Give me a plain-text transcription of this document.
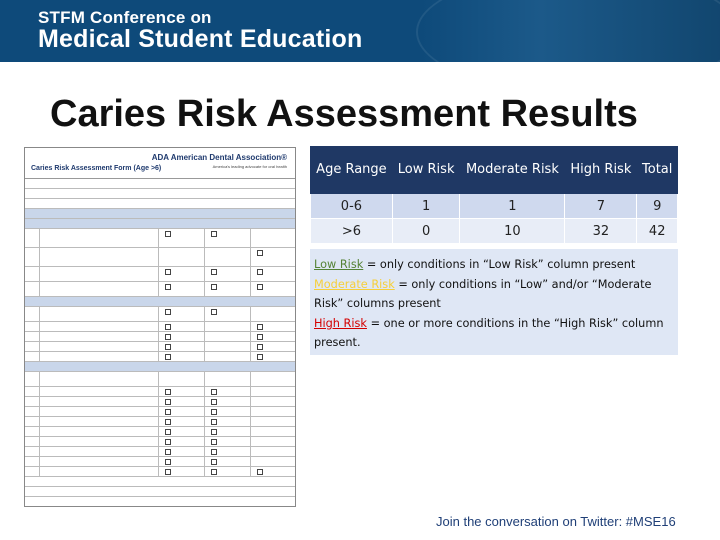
STFM Conference on
Medical Student Education
Caries Risk Assessment Results
ADA American Dental Association®
America's leading advocate for oral health
Caries Risk Assessment Form (Age >6)	Age Range	Low Risk	Moderate Risk	High Risk	Total
0-6	1	1	7	9
>6	0	10	32	42
Low Risk = only conditions in “Low Risk” column present
Moderate Risk = only conditions in “Low” and/or “Moderate Risk” columns present
High Risk = one or more conditions in the “High Risk” column present.
Join the conversation on Twitter: #MSE16
